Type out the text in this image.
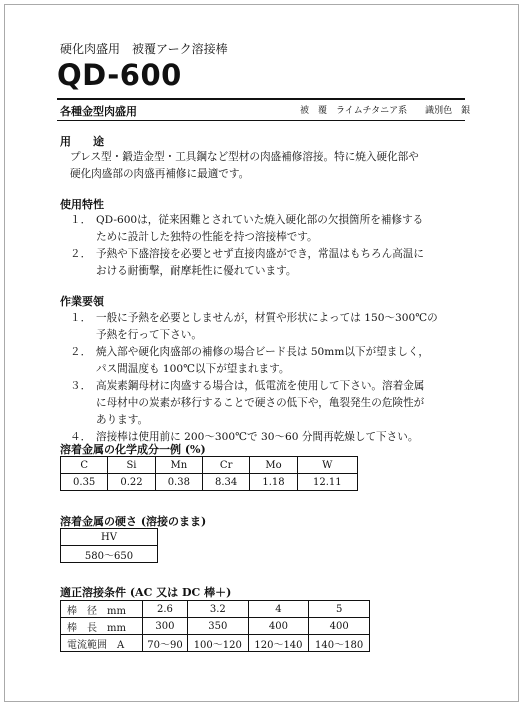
硬化肉盛用　被覆アーク溶接棒
QD-600
各種金型肉盛用	被　覆　ライムチタニア系　　識別色　銀
用　　途
プレス型・鍛造金型・工具鋼など型材の肉盛補修溶接。特に焼入硬化部や
硬化肉盛部の肉盛再補修に最適です。
使用特性
１． QD-600は，従来困難とされていた焼入硬化部の欠損箇所を補修する
ために設計した独特の性能を持つ溶接棒です。
２． 予熱や下盛溶接を必要とせず直接肉盛ができ，常温はもちろん高温に
おける耐衝撃，耐摩耗性に優れています。
作業要領
１． 一般に予熱を必要としませんが，材質や形状によっては 150～300℃の
予熱を行って下さい。
２． 焼入部や硬化肉盛部の補修の場合ビード長は 50mm以下が望ましく，
パス間温度も 100℃以下が望まれます。
３． 高炭素鋼母材に肉盛する場合は，低電流を使用して下さい。溶着金属
に母材中の炭素が移行することで硬さの低下や，亀裂発生の危険性が
あります。
４． 溶接棒は使用前に 200～300℃で 30～60 分間再乾燥して下さい。
溶着金属の化学成分一例 (%)
C	Si	Mn	Cr	Mo	W
0.35	0.22	0.38	8.34	1.18	12.11
溶着金属の硬さ (溶接のまま)
HV
580～650
適正溶接条件 (AC 又は DC 棒＋)
棒　径　mm	2.6	3.2	4	5
棒　長　mm	300	350	400	400
電流範囲　A	70～90	100～120	120～140	140～180
